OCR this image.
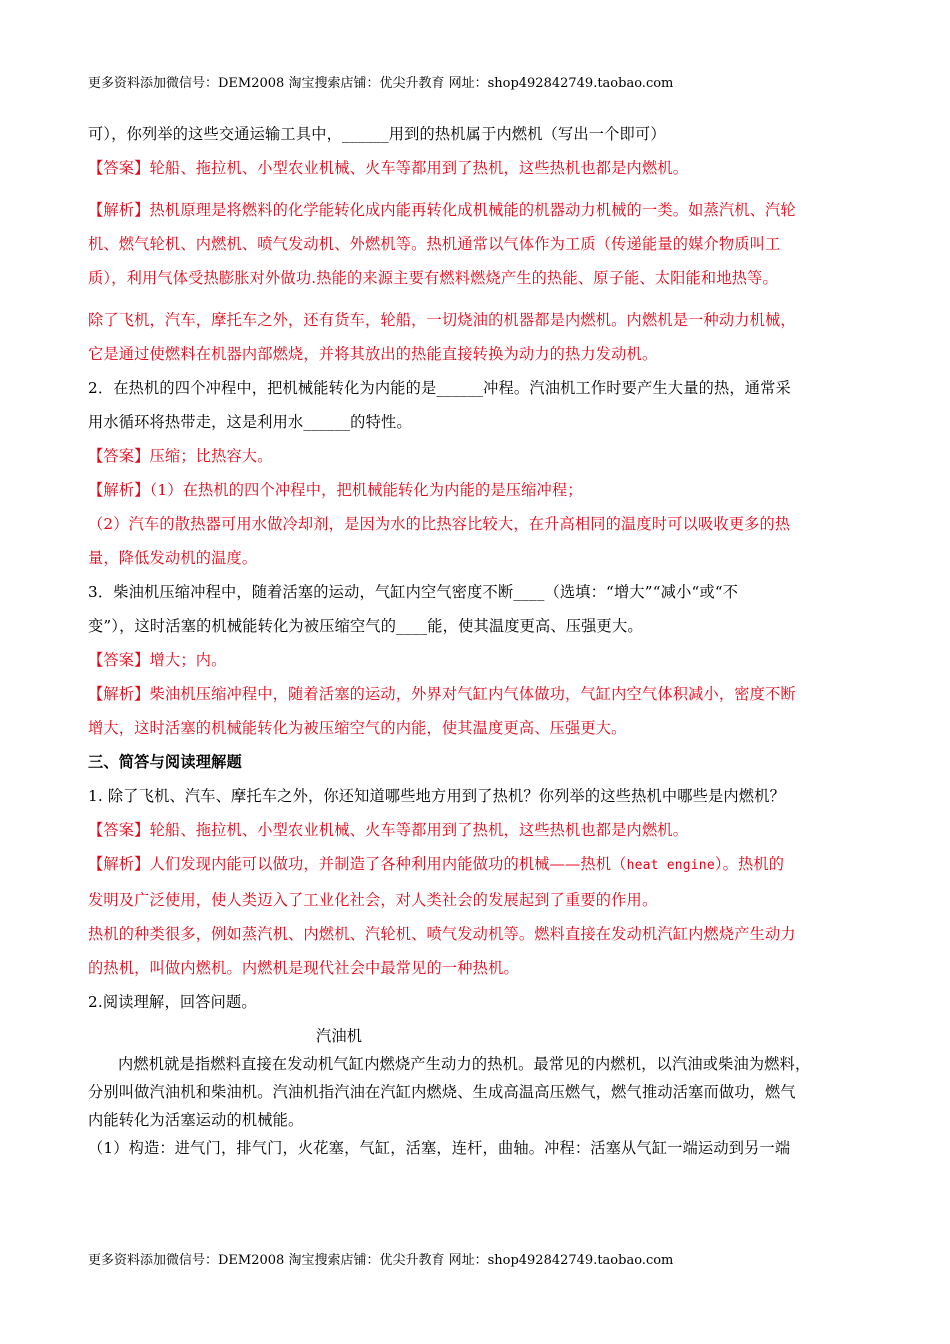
更多资料添加微信号：DEM2008 淘宝搜索店铺：优尖升教育 网址：shop492842749.taobao.com
可），你列举的这些交通运输工具中，______用到的热机属于内燃机（写出一个即可）
【答案】轮船、拖拉机、小型农业机械、火车等都用到了热机，这些热机也都是内燃机。
【解析】热机原理是将燃料的化学能转化成内能再转化成机械能的机器动力机械的一类。如蒸汽机、汽轮
机、燃气轮机、内燃机、喷气发动机、外燃机等。热机通常以气体作为工质（传递能量的媒介物质叫工
质），利用气体受热膨胀对外做功.热能的来源主要有燃料燃烧产生的热能、原子能、太阳能和地热等。
除了飞机，汽车，摩托车之外，还有货车，轮船，一切烧油的机器都是内燃机。内燃机是一种动力机械，
它是通过使燃料在机器内部燃烧，并将其放出的热能直接转换为动力的热力发动机。
2．在热机的四个冲程中，把机械能转化为内能的是______冲程。汽油机工作时要产生大量的热，通常采
用水循环将热带走，这是利用水______的特性。
【答案】压缩；比热容大。
【解析】（1）在热机的四个冲程中，把机械能转化为内能的是压缩冲程；
（2）汽车的散热器可用水做冷却剂，是因为水的比热容比较大，在升高相同的温度时可以吸收更多的热
量，降低发动机的温度。
3．柴油机压缩冲程中，随着活塞的运动，气缸内空气密度不断____（选填：“增大”“减小“或“不
变”），这时活塞的机械能转化为被压缩空气的____能，使其温度更高、压强更大。
【答案】增大；内。
【解析】柴油机压缩冲程中，随着活塞的运动，外界对气缸内气体做功，气缸内空气体积减小，密度不断
增大，这时活塞的机械能转化为被压缩空气的内能，使其温度更高、压强更大。
三、简答与阅读理解题
1. 除了飞机、汽车、摩托车之外，你还知道哪些地方用到了热机？你列举的这些热机中哪些是内燃机？
【答案】轮船、拖拉机、小型农业机械、火车等都用到了热机，这些热机也都是内燃机。
【解析】人们发现内能可以做功，并制造了各种利用内能做功的机械——热机（heat engine）。热机的
发明及广泛使用，使人类迈入了工业化社会，对人类社会的发展起到了重要的作用。
热机的种类很多，例如蒸汽机、内燃机、汽轮机、喷气发动机等。燃料直接在发动机汽缸内燃烧产生动力
的热机，叫做内燃机。内燃机是现代社会中最常见的一种热机。
2.阅读理解，回答问题。
汽油机
内燃机就是指燃料直接在发动机气缸内燃烧产生动力的热机。最常见的内燃机，以汽油或柴油为燃料，
分别叫做汽油机和柴油机。汽油机指汽油在汽缸内燃烧、生成高温高压燃气，燃气推动活塞而做功，燃气
内能转化为活塞运动的机械能。
（1）构造：进气门，排气门，火花塞，气缸，活塞，连杆，曲轴。冲程：活塞从气缸一端运动到另一端
更多资料添加微信号：DEM2008 淘宝搜索店铺：优尖升教育 网址：shop492842749.taobao.com
